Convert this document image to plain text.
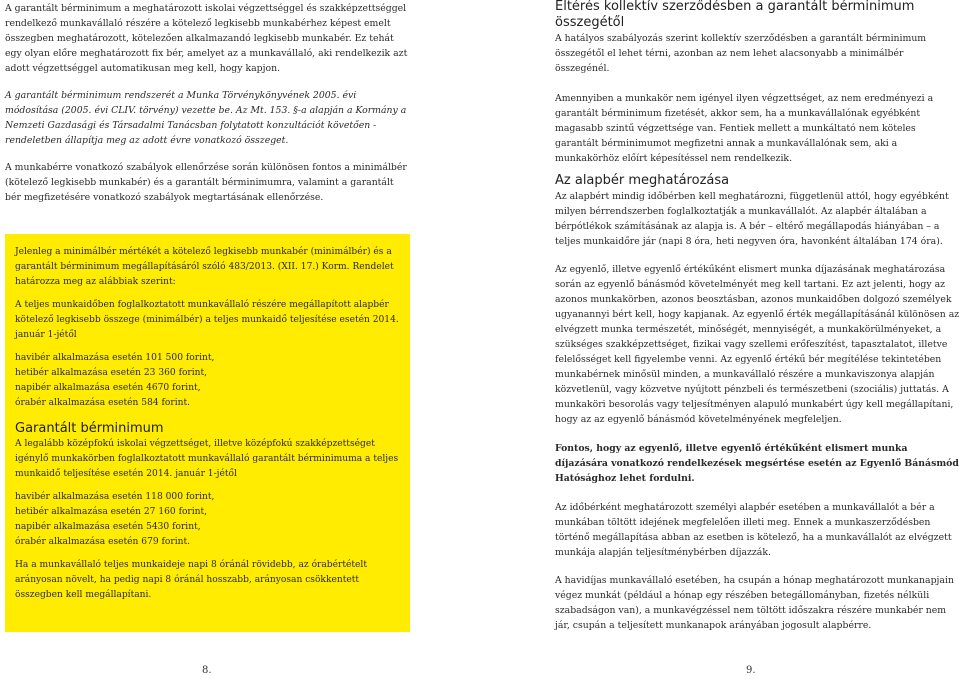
A garantált bérminimum a meghatározott iskolai végzettséggel és szakképzettséggel rendelkező munkavállaló részére a kötelező legkisebb munkabérhez képest emelt összegben meghatározott, kötelezően alkalmazandó legkisebb munkabér. Ez tehát egy olyan előre meghatározott fix bér, amelyet az a munkavállaló, aki rendelkezik azt adott végzettséggel automatikusan meg kell, hogy kapjon.

A garantált bérminimum rendszerét a Munka Törvénykönyvének 2005. évi módosítása (2005. évi CLIV. törvény) vezette be. Az Mt. 153. §-a alapján a Kormány a Nemzeti Gazdasági és Társadalmi Tanácsban folytatott konzultációt követően - rendeletben állapítja meg az adott évre vonatkozó összeget.

A munkabérre vonatkozó szabályok ellenőrzése során különösen fontos a minimálbér (kötelező legkisebb munkabér) és a garantált bérminimumra, valamint a garantált bér megfizetésére vonatkozó szabályok megtartásának ellenőrzése.

Jelenleg a minimálbér mértékét a kötelező legkisebb munkabér (minimálbér) és a garantált bérminimum megállapításáról szóló 483/2013. (XII. 17.) Korm. Rendelet határozza meg az alábbiak szerint:

A teljes munkaidőben foglalkoztatott munkavállaló részére megállapított alapbér kötelező legkisebb összege (minimálbér) a teljes munkaidő teljesítése esetén 2014. január 1-jétől

havibér alkalmazása esetén 101 500 forint,

hetibér alkalmazása esetén 23 360 forint,

napibér alkalmazása esetén 4670 forint,

órabér alkalmazása esetén 584 forint.

Garantált bérminimum

A legalább középfokú iskolai végzettséget, illetve középfokú szakképzettséget igénylő munkakörben foglalkoztatott munkavállaló garantált bérminimuma a teljes munkaidő teljesítése esetén 2014. január 1-jétől

havibér alkalmazása esetén 118 000 forint,

hetibér alkalmazása esetén 27 160 forint,

napibér alkalmazása esetén 5430 forint,

órabér alkalmazása esetén 679 forint.

Ha a munkavállaló teljes munkaideje napi 8 óránál rövidebb, az órabértételt arányosan növelt, ha pedig napi 8 óránál hosszabb, arányosan csökkentett összegben kell megállapítani.

8.
Eltérés kollektív szerződésben a garantált bérminimum összegétől

A hatályos szabályozás szerint kollektív szerződésben a garantált bérminimum összegétől el lehet térni, azonban az nem lehet alacsonyabb a minimálbér összegénél.

Amennyiben a munkakör nem igényel ilyen végzettséget, az nem eredményezi a garantált bérminimum fizetését, akkor sem, ha a munkavállalónak egyébként magasabb szintű végzettsége van. Fentiek mellett a munkáltató nem köteles garantált bérminimumot megfizetni annak a munkavállalónak sem, aki a munkakörhöz előírt képesítéssel nem rendelkezik.

Az alapbér meghatározása

Az alapbért mindig időbérben kell meghatározni, függetlenül attól, hogy egyébként milyen bérrendszerben foglalkoztatják a munkavállalót. Az alapbér általában a bérpótlékok számításának az alapja is. A bér – eltérő megállapodás hiányában – a teljes munkaidőre jár (napi 8 óra, heti negyven óra, havonként általában 174 óra).

Az egyenlő, illetve egyenlő értékűként elismert munka díjazásának meghatározása során az egyenlő bánásmód követelményét meg kell tartani. Ez azt jelenti, hogy az azonos munkakörben, azonos beosztásban, azonos munkaidőben dolgozó személyek ugyanannyi bért kell, hogy kapjanak. Az egyenlő érték megállapításánál különösen az elvégzett munka természetét, minőségét, mennyiségét, a munkakörülményeket, a szükséges szakképzettséget, fizikai vagy szellemi erőfeszítést, tapasztalatot, illetve felelősséget kell figyelembe venni. Az egyenlő értékű bér megítélése tekintetében munkabérnek minősül minden, a munkavállaló részére a munkaviszonya alapján közvetlenül, vagy közvetve nyújtott pénzbeli és természetbeni (szociális) juttatás. A munkaköri besorolás vagy teljesítményen alapuló munkabért úgy kell megállapítani, hogy az az egyenlő bánásmód követelményének megfeleljen.

Fontos, hogy az egyenlő, illetve egyenlő értékűként elismert munka díjazására vonatkozó rendelkezések megsértése esetén az Egyenlő Bánásmód Hatósághoz lehet fordulni.

Az időbérként meghatározott személyi alapbér esetében a munkavállalót a bér a munkában töltött idejének megfelelően illeti meg. Ennek a munkaszerződésben történő megállapítása abban az esetben is kötelező, ha a munkavállalót az elvégzett munkája alapján teljesítménybérben díjazzák.

A havidíjas munkavállaló esetében, ha csupán a hónap meghatározott munkanapjain végez munkát (például a hónap egy részében betegállományban, fizetés nélküli szabadságon van), a munkavégzéssel nem töltött időszakra részére munkabér nem jár, csupán a teljesített munkanapok arányában jogosult alapbérre.

9.
